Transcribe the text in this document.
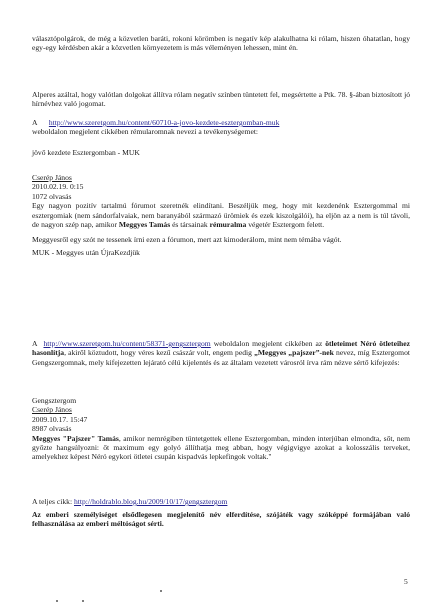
választópolgárok, de még a közvetlen baráti, rokoni körömben is negatív kép alakulhatna ki rólam, hiszen óhatatlan, hogy egy-egy kérdésben akár a közvetlen környezetem is más véleményen lehessen, mint én.

Alperes azáltal, hogy valótlan dolgokat állítva rólam negatív színben tüntetett fel, megsértette a Ptk. 78. §-ában biztosított jó hírnévhez való jogomat.

A http://www.szeretgom.hu/content/60710-a-jovo-kezdete-esztergomban-muk
weboldalon megjelent cikkében rémularomnak nevezi a tevékenységemet:

jövő kezdete Esztergomban - MUK

Cserép János
2010.02.19. 0:15
1072 olvasás

Egy nagyon pozitív tartalmú fórumot szeretnék elindítani. Beszéljük meg, hogy mit kezdenénk Esztergommal mi esztergomiak (nem sándorfalvaiak, nem baranyából származó ürömiek és ezek kiszolgálói), ha eljön az a nem is túl távoli, de nagyon szép nap, amikor Meggyes Tamás és társainak rémuralma végetér Esztergom felett.

Meggyesről egy szót ne tessenek írni ezen a fórumon, mert azt kimoderálom, mint nem témába vágót.

MUK - Meggyes után ÚjraKezdjük

A http://www.szeretgom.hu/content/58371-gengsztergom weboldalon megjelent cikkében az ötleteimet Néró ötleteihez hasonlítja, akiről köztudott, hogy véres kezű császár volt, engem pedig „Meggyes „pajszer”-nek nevez, míg Esztergomot Gengszergomnak, mely kifejezetten lejárató célú kijelentés és az általam vezetett városról írva rám nézve sértő kifejezés:

Gengsztergom
Cserép János
2009.10.17. 15:47
8987 olvasás

Meggyes "Pajszer" Tamás, amikor nemrégiben tüntetgettek ellene Esztergomban, minden interjúban elmondta, sőt, nem győzte hangsúlyozni: őt maximum egy golyó állíthatja meg abban, hogy végigvigye azokat a kolosszális terveket, amelyekhez képest Néró egykori ötletei csupán kispadvás lepkefingok voltak."

A teljes cikk: http://holdrablo.blog.hu/2009/10/17/gengsztergom

Az emberi személyiséget elsődlegesen megjelenítő név elferdítése, szójáték vagy szóképpé formájában való felhasználása az emberi méltóságot sérti.

5
